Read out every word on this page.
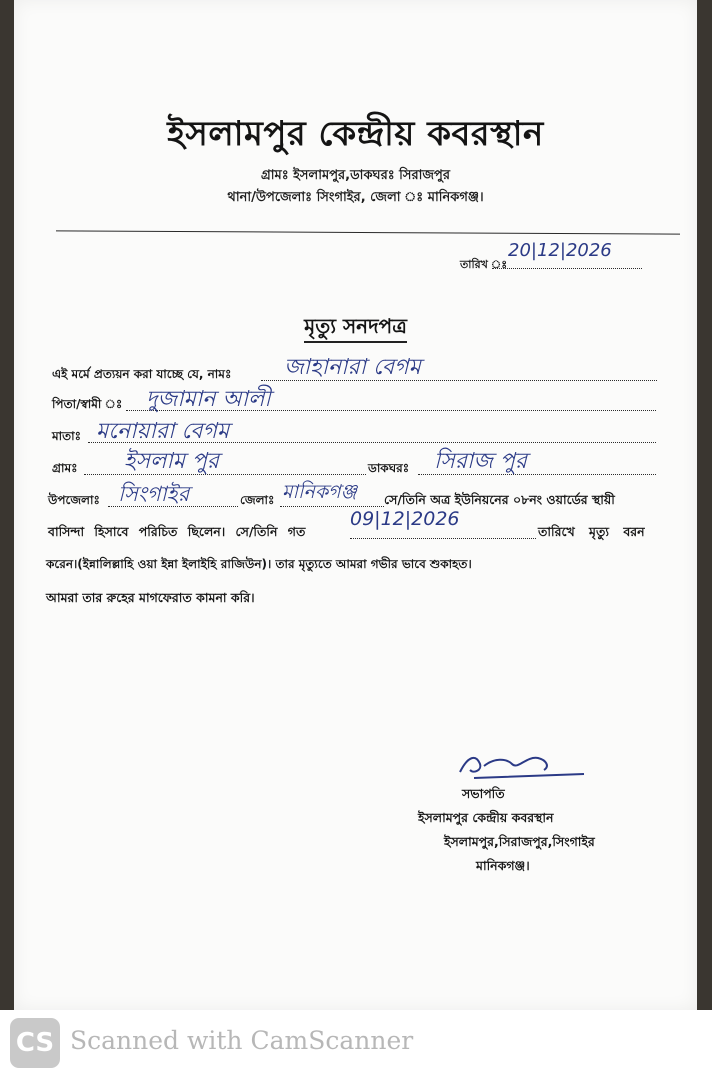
ইসলামপুর কেন্দ্রীয় কবরস্থান
গ্রামঃ ইসলামপুর,ডাকঘরঃ সিরাজপুর
থানা/উপজেলাঃ সিংগাইর, জেলা ঃ মানিকগঞ্জ।
তারিখ ঃ
20|12|2026
মৃত্যু সনদপত্র
এই মর্মে প্রত্যয়ন করা যাচ্ছে যে, নামঃ জাহানারা বেগম
পিতা/স্বামী ঃ দুজামান আলী
মাতাঃ মনোয়ারা বেগম
গ্রামঃ ইসলাম পুর	ডাকঘরঃ সিরাজ পুর
উপজেলাঃ সিংগাইর	জেলাঃ মানিকগঞ্জ সে/তিনি অত্র ইউনিয়নের ০৮নং ওয়ার্ডের স্থায়ী
বাসিন্দা হিসাবে পরিচিত ছিলেন। সে/তিনি গত
09|12|2026
তারিখে মৃত্যু বরন
করেন।(ইন্নালিল্লাহি ওয়া ইন্না ইলাইহি রাজিউন)। তার মৃত্যুতে আমরা গভীর ভাবে শুকাহত।
আমরা তার রুহের মাগফেরাত কামনা করি।
সভাপতি
ইসলামপুর কেন্দ্রীয় কবরস্থান
ইসলামপুর,সিরাজপুর,সিংগাইর
মানিকগঞ্জ।
CS Scanned with CamScanner
